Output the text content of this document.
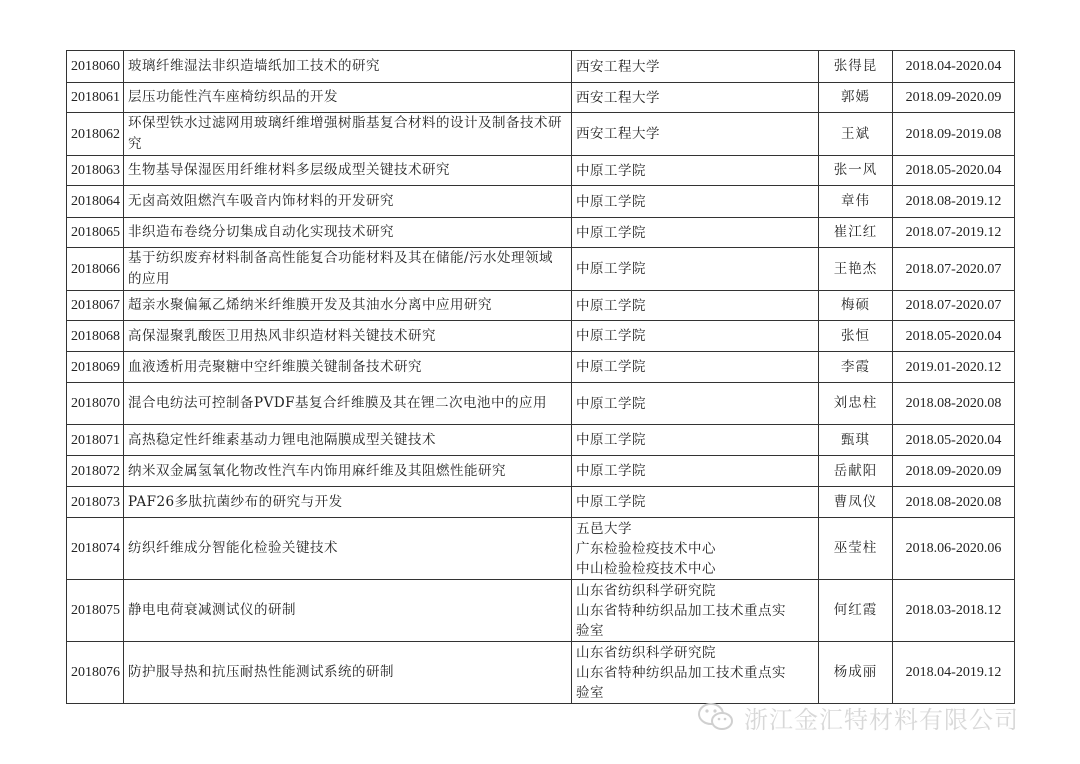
2018060	玻璃纤维湿法非织造墙纸加工技术的研究	西安工程大学	张得昆	2018.04-2020.04
2018061	层压功能性汽车座椅纺织品的开发	西安工程大学	郭嫣	2018.09-2020.09
2018062	环保型铁水过滤网用玻璃纤维增强树脂基复合材料的设计及制备技术研究	西安工程大学	王斌	2018.09-2019.08
2018063	生物基导保湿医用纤维材料多层级成型关键技术研究	中原工学院	张一风	2018.05-2020.04
2018064	无卤高效阻燃汽车吸音内饰材料的开发研究	中原工学院	章伟	2018.08-2019.12
2018065	非织造布卷绕分切集成自动化实现技术研究	中原工学院	崔江红	2018.07-2019.12
2018066	基于纺织废弃材料制备高性能复合功能材料及其在储能/污水处理领域的应用	中原工学院	王艳杰	2018.07-2020.07
2018067	超亲水聚偏氟乙烯纳米纤维膜开发及其油水分离中应用研究	中原工学院	梅硕	2018.07-2020.07
2018068	高保湿聚乳酸医卫用热风非织造材料关键技术研究	中原工学院	张恒	2018.05-2020.04
2018069	血液透析用壳聚糖中空纤维膜关键制备技术研究	中原工学院	李霞	2019.01-2020.12
2018070	混合电纺法可控制备PVDF基复合纤维膜及其在锂二次电池中的应用	中原工学院	刘忠柱	2018.08-2020.08
2018071	高热稳定性纤维素基动力锂电池隔膜成型关键技术	中原工学院	甄琪	2018.05-2020.04
2018072	纳米双金属氢氧化物改性汽车内饰用麻纤维及其阻燃性能研究	中原工学院	岳献阳	2018.09-2020.09
2018073	PAF26多肽抗菌纱布的研究与开发	中原工学院	曹凤仪	2018.08-2020.08
2018074	纺织纤维成分智能化检验关键技术	五邑大学
广东检验检疫技术中心
中山检验检疫技术中心	巫莹柱	2018.06-2020.06
2018075	静电电荷衰减测试仪的研制	山东省纺织科学研究院
山东省特种纺织品加工技术重点实
验室	何红霞	2018.03-2018.12
2018076	防护服导热和抗压耐热性能测试系统的研制	山东省纺织科学研究院
山东省特种纺织品加工技术重点实
验室	杨成丽	2018.04-2019.12
浙江金汇特材料有限公司
